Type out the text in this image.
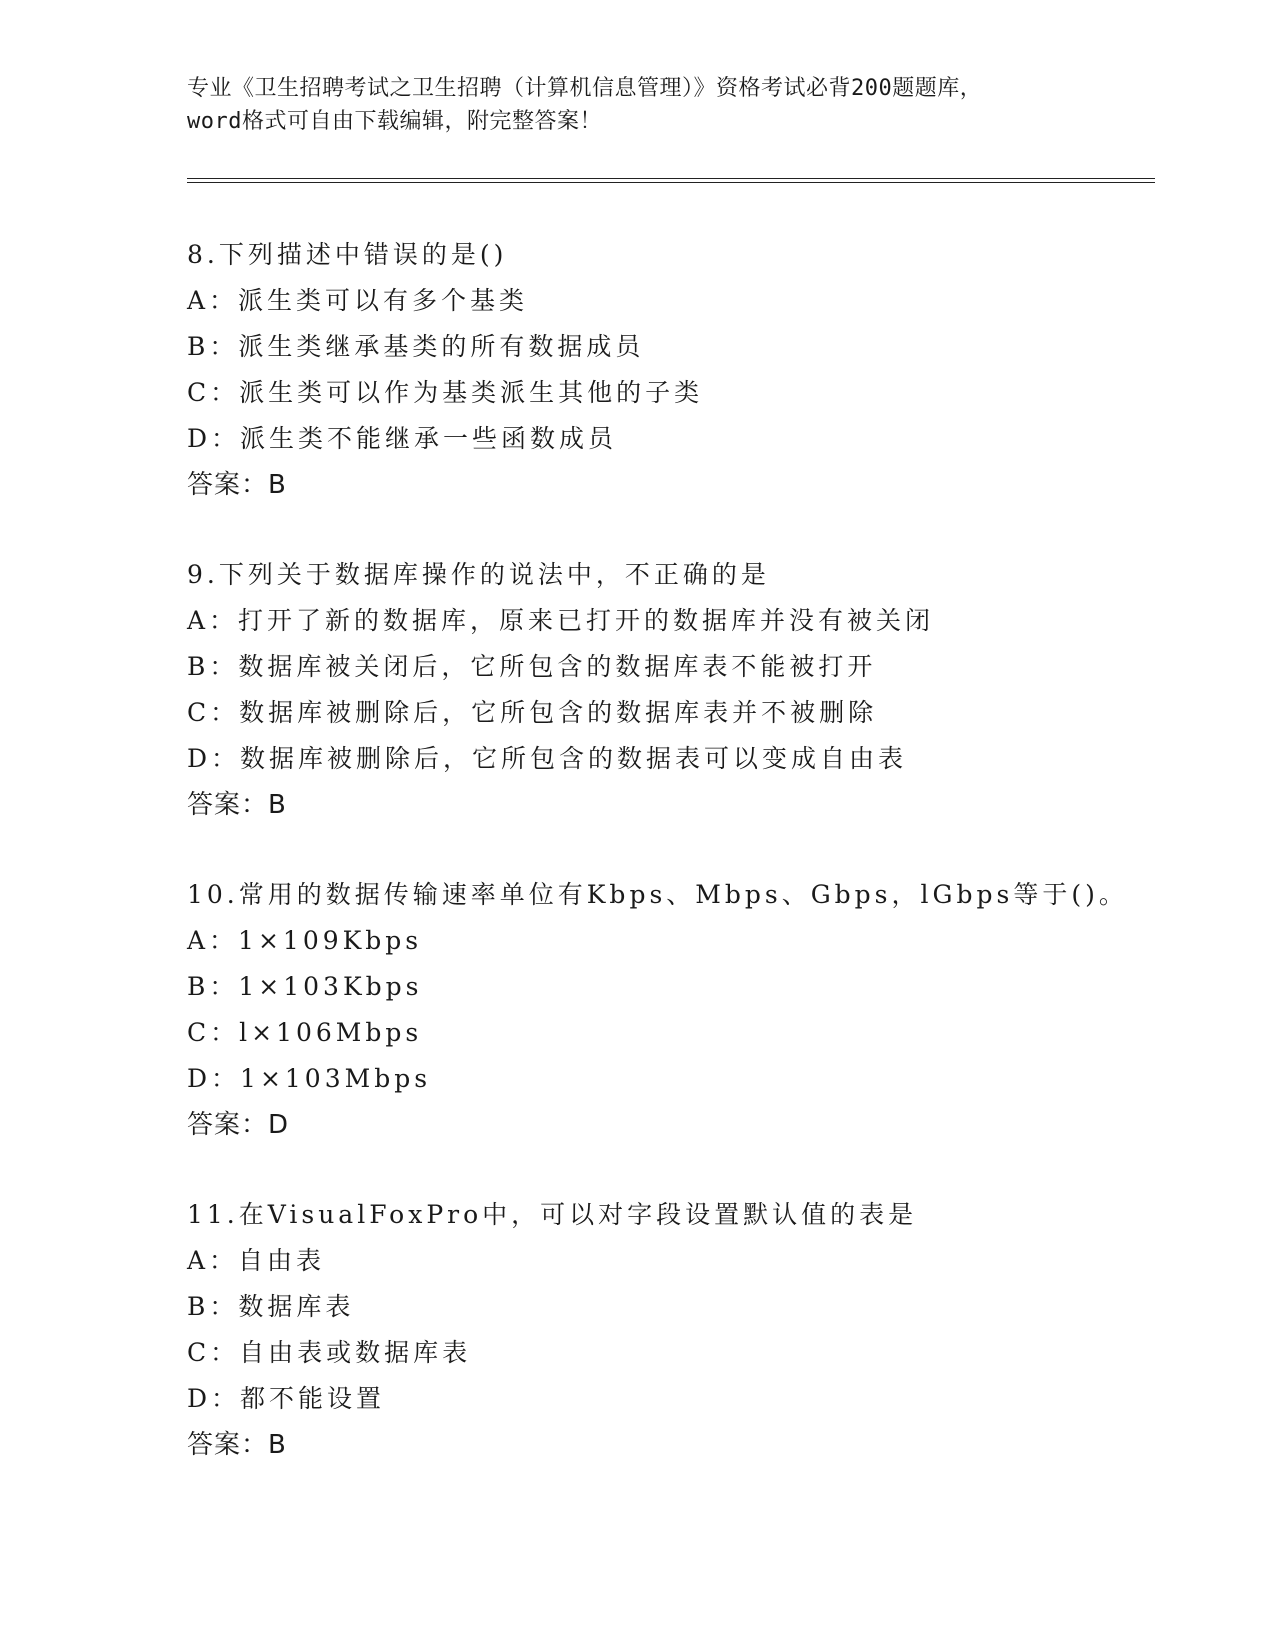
专业《卫生招聘考试之卫生招聘（计算机信息管理）》资格考试必背200题题库，
word格式可自由下载编辑，附完整答案！
8.下列描述中错误的是()
A：派生类可以有多个基类
B：派生类继承基类的所有数据成员
C：派生类可以作为基类派生其他的子类
D：派生类不能继承一些函数成员
答案：B
9.下列关于数据库操作的说法中，不正确的是
A：打开了新的数据库，原来已打开的数据库并没有被关闭
B：数据库被关闭后，它所包含的数据库表不能被打开
C：数据库被删除后，它所包含的数据库表并不被删除
D：数据库被删除后，它所包含的数据表可以变成自由表
答案：B
10.常用的数据传输速率单位有Kbps、Mbps、Gbps，lGbps等于()。
A：1×109Kbps
B：1×103Kbps
C：l×106Mbps
D：1×103Mbps
答案：D
11.在VisualFoxPro中，可以对字段设置默认值的表是
A：自由表
B：数据库表
C：自由表或数据库表
D：都不能设置
答案：B
